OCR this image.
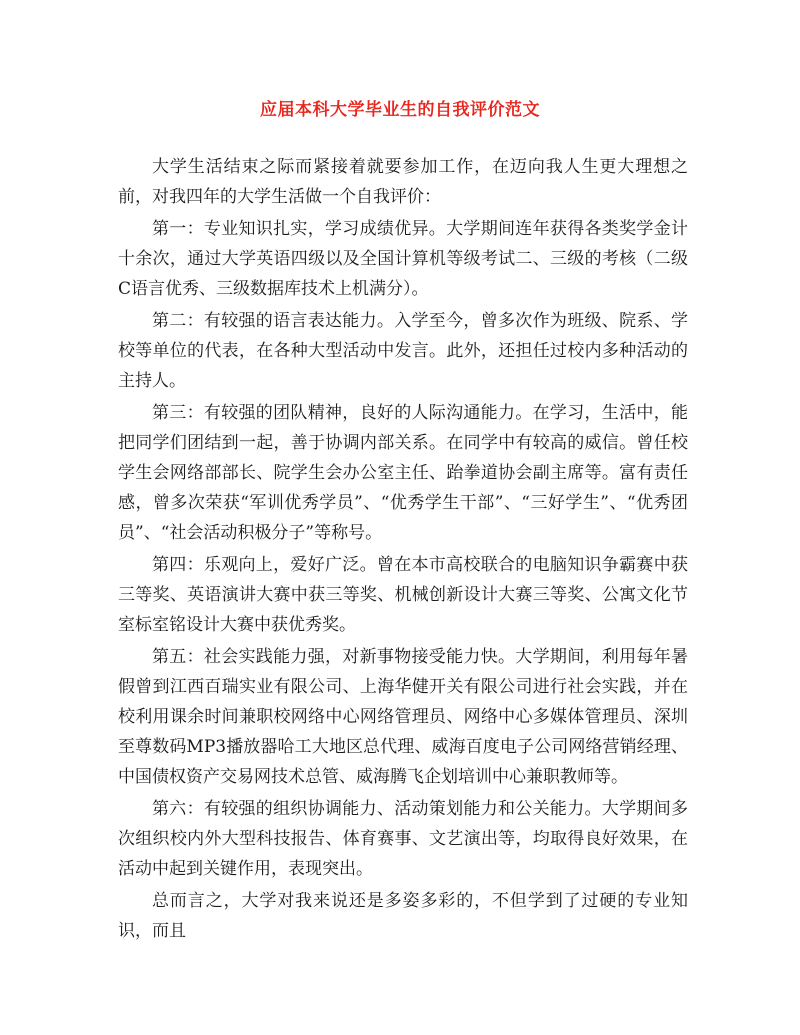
应届本科大学毕业生的自我评价范文

大学生活结束之际而紧接着就要参加工作，在迈向我人生更大理想之前，对我四年的大学生活做一个自我评价：

第一：专业知识扎实，学习成绩优异。大学期间连年获得各类奖学金计十余次，通过大学英语四级以及全国计算机等级考试二、三级的考核（二级C语言优秀、三级数据库技术上机满分）。

第二：有较强的语言表达能力。入学至今，曾多次作为班级、院系、学校等单位的代表，在各种大型活动中发言。此外，还担任过校内多种活动的主持人。

第三：有较强的团队精神，良好的人际沟通能力。在学习，生活中，能把同学们团结到一起，善于协调内部关系。在同学中有较高的威信。曾任校学生会网络部部长、院学生会办公室主任、跆拳道协会副主席等。富有责任感，曾多次荣获“军训优秀学员”、“优秀学生干部”、“三好学生”、“优秀团员”、“社会活动积极分子”等称号。

第四：乐观向上，爱好广泛。曾在本市高校联合的电脑知识争霸赛中获三等奖、英语演讲大赛中获三等奖、机械创新设计大赛三等奖、公寓文化节室标室铭设计大赛中获优秀奖。

第五：社会实践能力强，对新事物接受能力快。大学期间，利用每年暑假曾到江西百瑞实业有限公司、上海华健开关有限公司进行社会实践，并在校利用课余时间兼职校网络中心网络管理员、网络中心多媒体管理员、深圳至尊数码MP3播放器哈工大地区总代理、威海百度电子公司网络营销经理、中国债权资产交易网技术总管、威海腾飞企划培训中心兼职教师等。

第六：有较强的组织协调能力、活动策划能力和公关能力。大学期间多次组织校内外大型科技报告、体育赛事、文艺演出等，均取得良好效果，在活动中起到关键作用，表现突出。

总而言之，大学对我来说还是多姿多彩的，不但学到了过硬的专业知识，而且
